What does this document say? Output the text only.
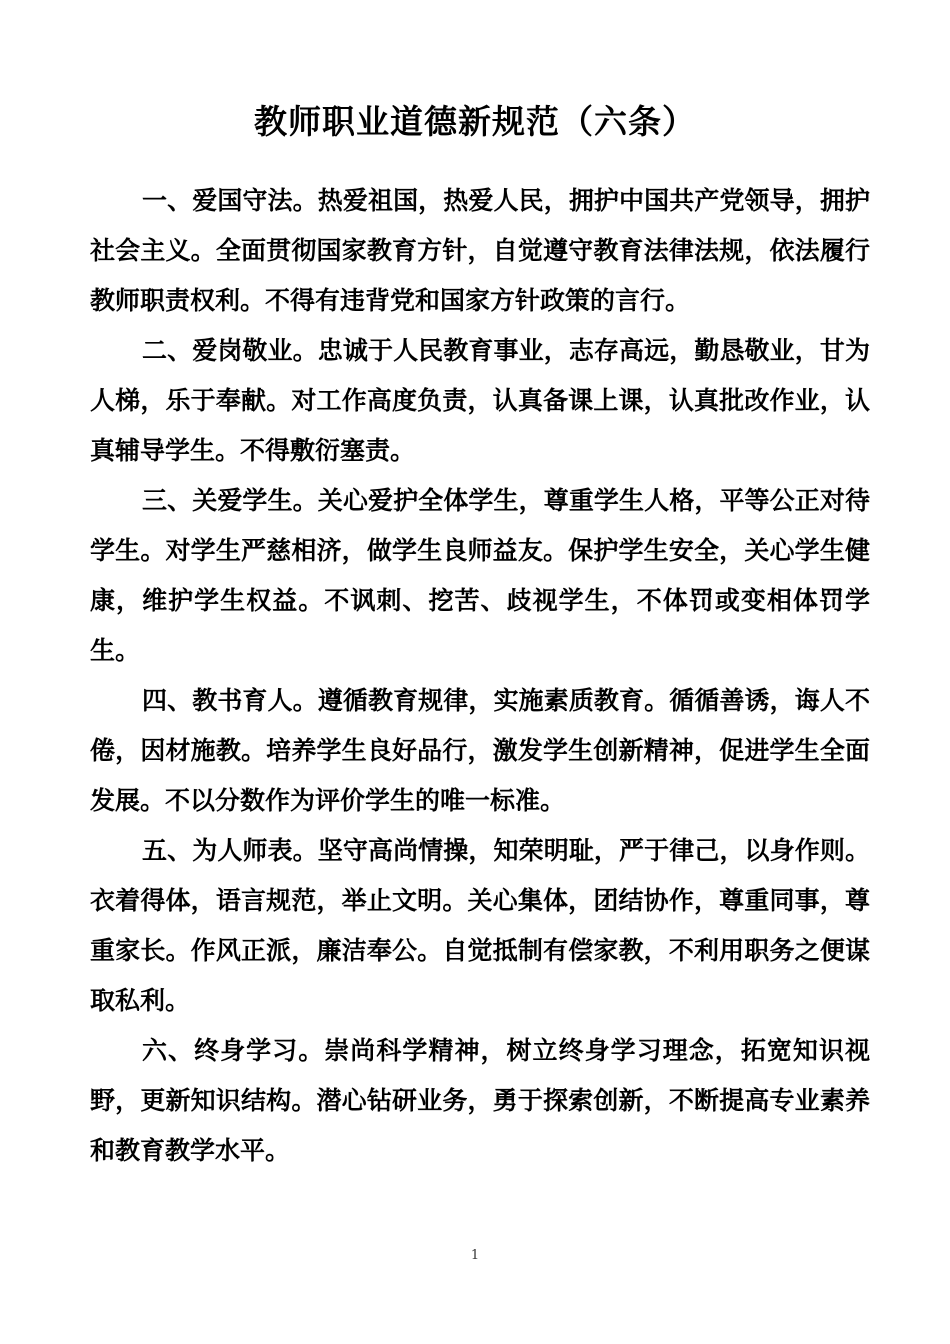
教师职业道德新规范（六条）

一、爱国守法。热爱祖国，热爱人民，拥护中国共产党领导，拥护社会主义。全面贯彻国家教育方针，自觉遵守教育法律法规，依法履行教师职责权利。不得有违背党和国家方针政策的言行。

二、爱岗敬业。忠诚于人民教育事业，志存高远，勤恳敬业，甘为人梯，乐于奉献。对工作高度负责，认真备课上课，认真批改作业，认真辅导学生。不得敷衍塞责。

三、关爱学生。关心爱护全体学生，尊重学生人格，平等公正对待学生。对学生严慈相济，做学生良师益友。保护学生安全，关心学生健康，维护学生权益。不讽刺、挖苦、歧视学生，不体罚或变相体罚学生。

四、教书育人。遵循教育规律，实施素质教育。循循善诱，诲人不倦，因材施教。培养学生良好品行，激发学生创新精神，促进学生全面发展。不以分数作为评价学生的唯一标准。

五、为人师表。坚守高尚情操，知荣明耻，严于律己，以身作则。衣着得体，语言规范，举止文明。关心集体，团结协作，尊重同事，尊重家长。作风正派，廉洁奉公。自觉抵制有偿家教，不利用职务之便谋取私利。

六、终身学习。崇尚科学精神，树立终身学习理念，拓宽知识视野，更新知识结构。潜心钻研业务，勇于探索创新，不断提高专业素养和教育教学水平。

1
